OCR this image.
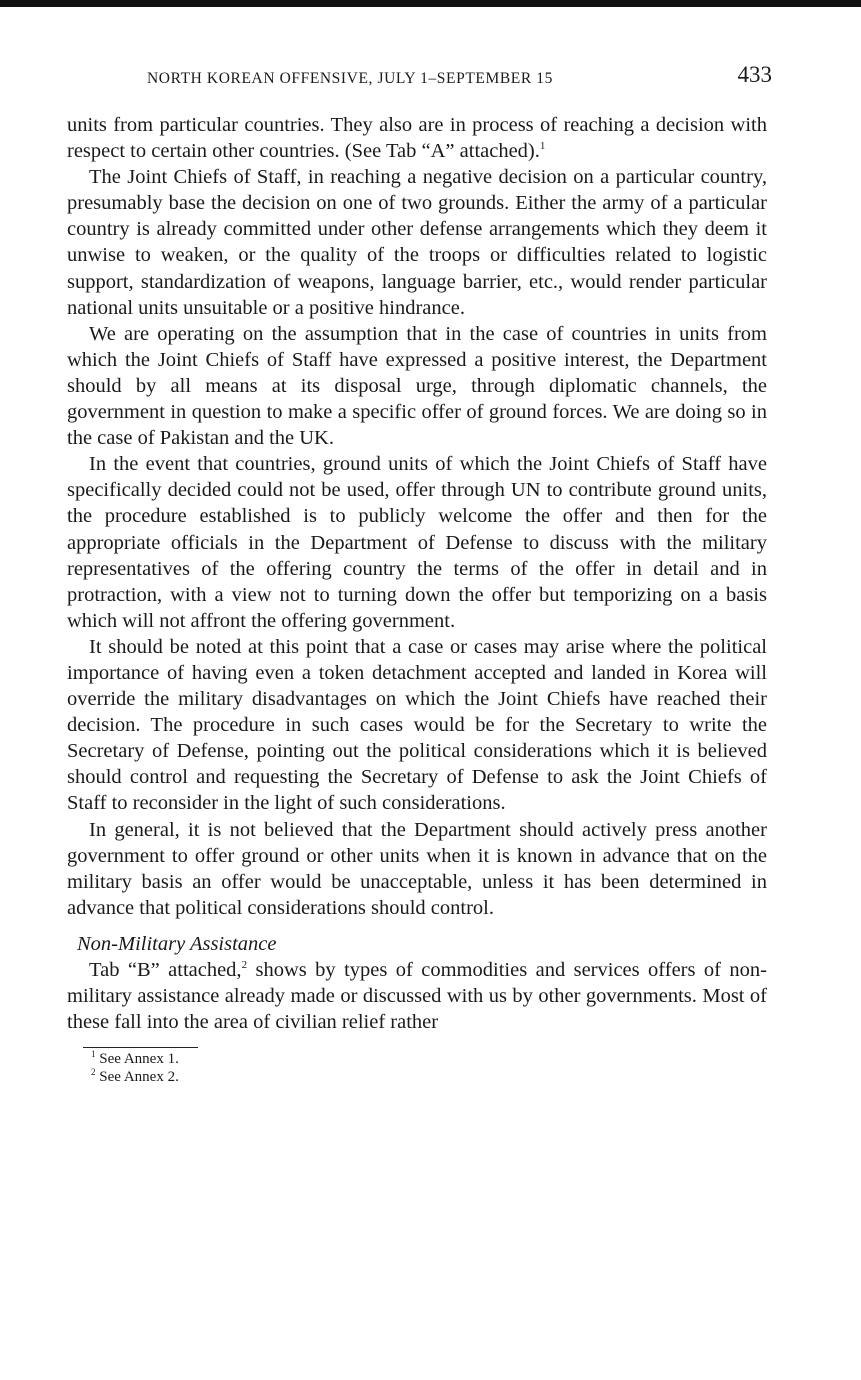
NORTH KOREAN OFFENSIVE, JULY 1–SEPTEMBER 15	433

units from particular countries. They also are in process of reaching a decision with respect to certain other countries. (See Tab “A” attached).$^1$

The Joint Chiefs of Staff, in reaching a negative decision on a particular country, presumably base the decision on one of two grounds. Either the army of a particular country is already committed under other defense arrangements which they deem it unwise to weaken, or the quality of the troops or difficulties related to logistic support, standardization of weapons, language barrier, etc., would render particular national units unsuitable or a positive hindrance.

We are operating on the assumption that in the case of countries in units from which the Joint Chiefs of Staff have expressed a positive interest, the Department should by all means at its disposal urge, through diplomatic channels, the government in question to make a specific offer of ground forces. We are doing so in the case of Pakistan and the UK.

In the event that countries, ground units of which the Joint Chiefs of Staff have specifically decided could not be used, offer through UN to contribute ground units, the procedure established is to publicly welcome the offer and then for the appropriate officials in the Department of Defense to discuss with the military representatives of the offering country the terms of the offer in detail and in protraction, with a view not to turning down the offer but temporizing on a basis which will not affront the offering government.

It should be noted at this point that a case or cases may arise where the political importance of having even a token detachment accepted and landed in Korea will override the military disadvantages on which the Joint Chiefs have reached their decision. The procedure in such cases would be for the Secretary to write the Secretary of Defense, pointing out the political considerations which it is believed should control and requesting the Secretary of Defense to ask the Joint Chiefs of Staff to reconsider in the light of such considerations.

In general, it is not believed that the Department should actively press another government to offer ground or other units when it is known in advance that on the military basis an offer would be unacceptable, unless it has been determined in advance that political considerations should control.

Non-Military Assistance

Tab “B” attached,$^2$ shows by types of commodities and services offers of non-military assistance already made or discussed with us by other governments. Most of these fall into the area of civilian relief rather

$^1$ See Annex 1.
$^2$ See Annex 2.
